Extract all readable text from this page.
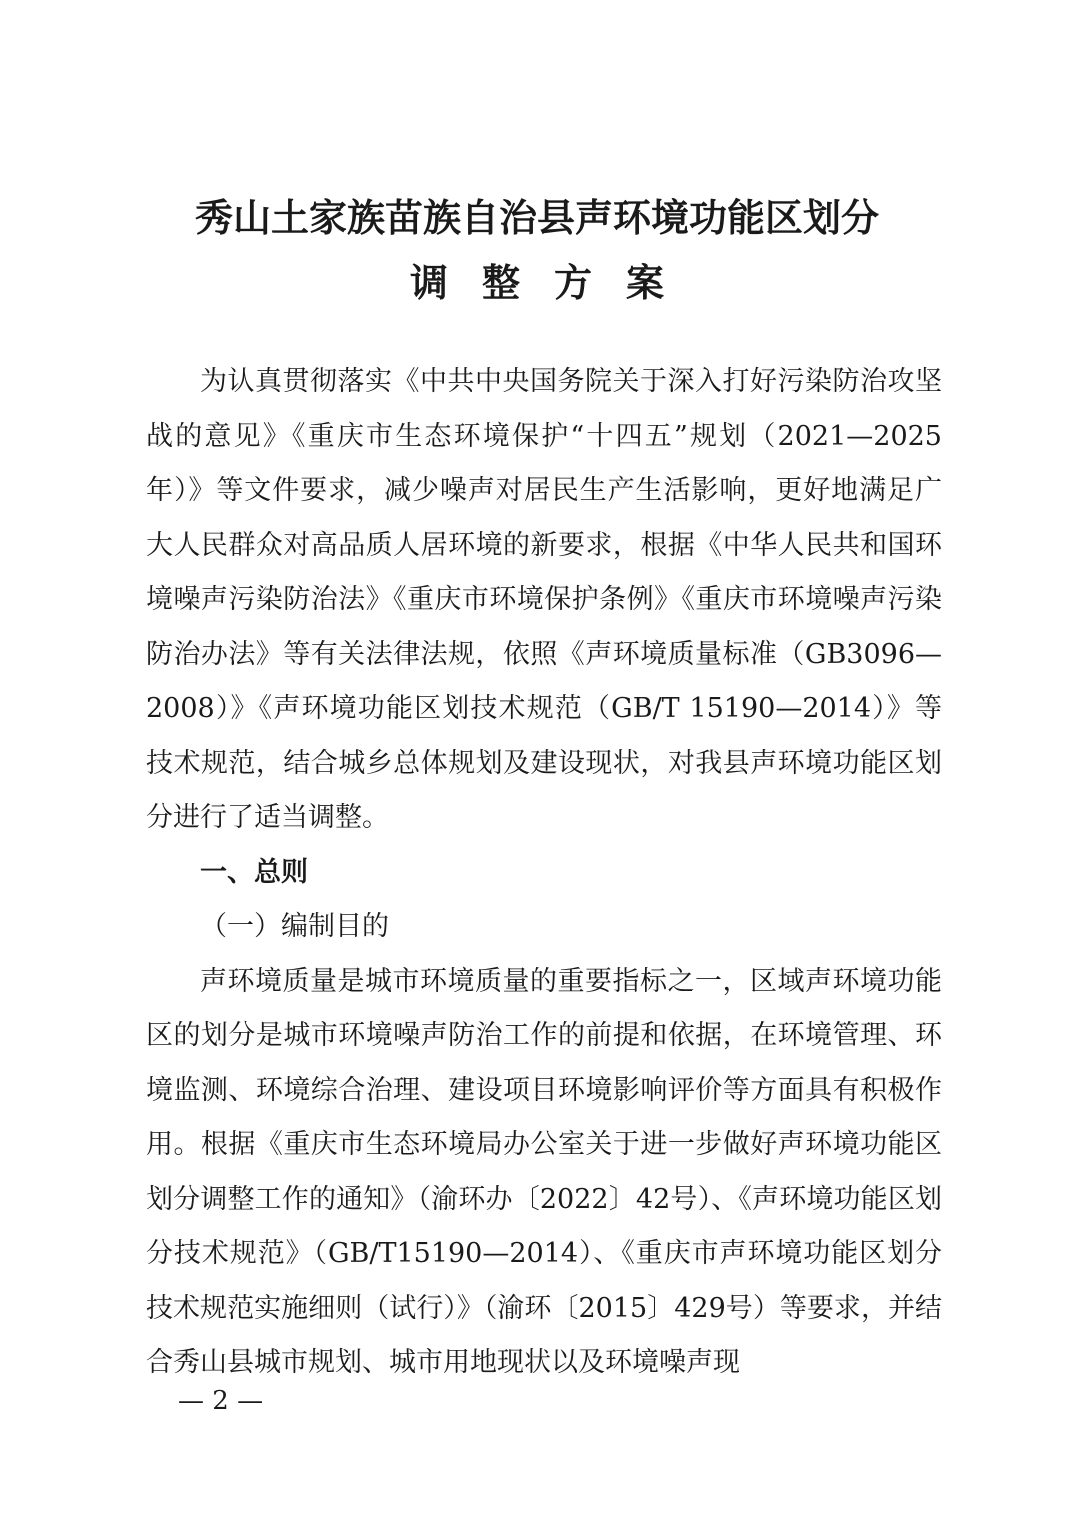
秀山土家族苗族自治县声环境功能区划分
调整方案

为认真贯彻落实《中共中央国务院关于深入打好污染防治攻坚战的意见》《重庆市生态环境保护“十四五”规划（2021—2025年）》等文件要求，减少噪声对居民生产生活影响，更好地满足广大人民群众对高品质人居环境的新要求，根据《中华人民共和国环境噪声污染防治法》《重庆市环境保护条例》《重庆市环境噪声污染防治办法》等有关法律法规，依照《声环境质量标准（GB3096—2008）》《声环境功能区划技术规范（GB/T 15190—2014）》等技术规范，结合城乡总体规划及建设现状，对我县声环境功能区划分进行了适当调整。

一、总则

（一）编制目的

声环境质量是城市环境质量的重要指标之一，区域声环境功能区的划分是城市环境噪声防治工作的前提和依据，在环境管理、环境监测、环境综合治理、建设项目环境影响评价等方面具有积极作用。根据《重庆市生态环境局办公室关于进一步做好声环境功能区划分调整工作的通知》（渝环办〔2022〕42号）、《声环境功能区划分技术规范》（GB/T15190—2014）、《重庆市声环境功能区划分技术规范实施细则（试行）》（渝环〔2015〕429号）等要求，并结合秀山县城市规划、城市用地现状以及环境噪声现

— 2 —
